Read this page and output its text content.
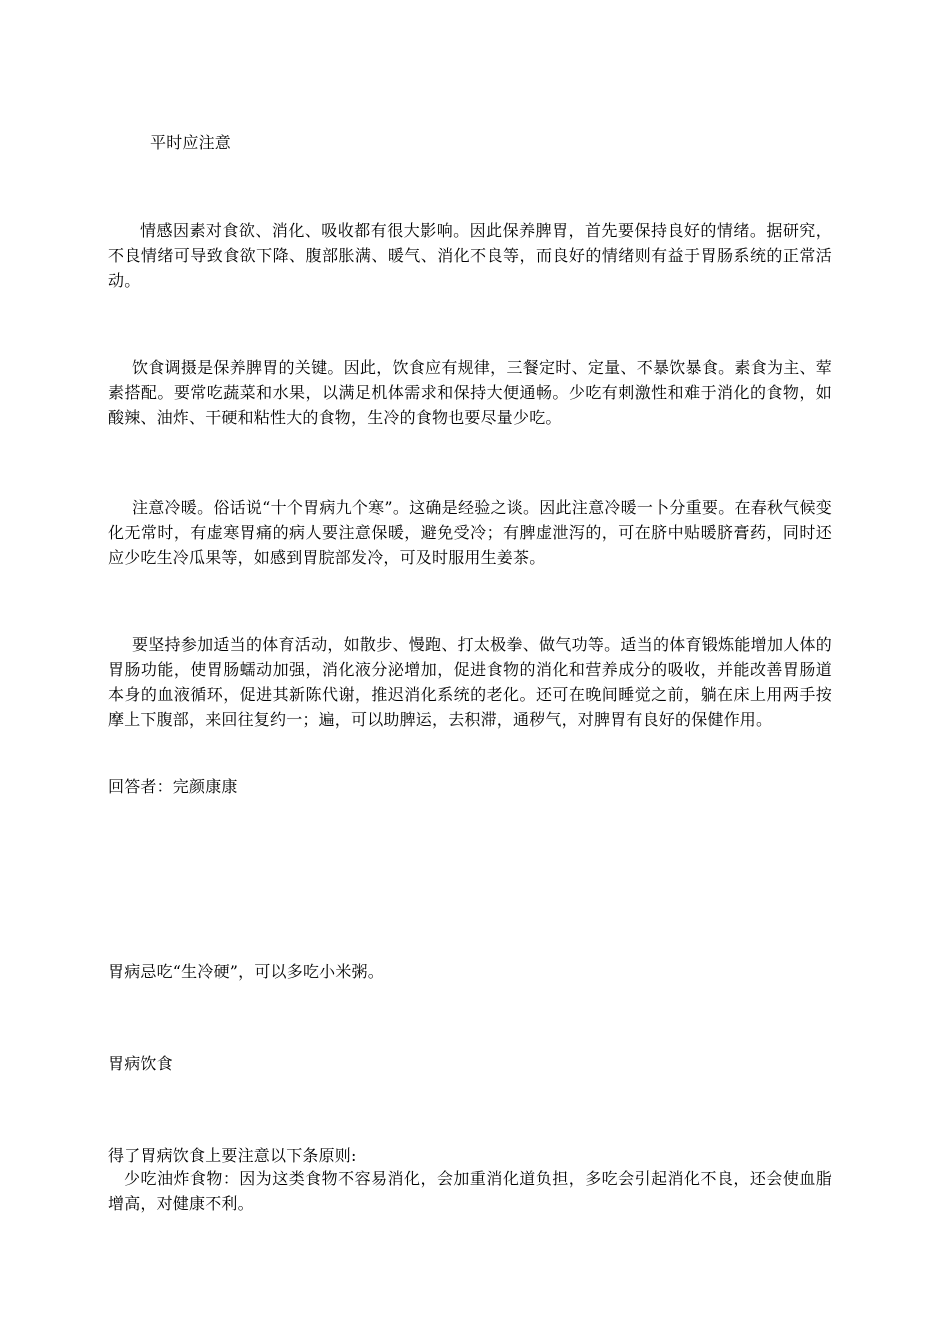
平时应注意

情感因素对食欲、消化、吸收都有很大影响。因此保养脾胃，首先要保持良好的情绪。据研究，不良情绪可导致食欲下降、腹部胀满、暖气、消化不良等，而良好的情绪则有益于胃肠系统的正常活动。

饮食调摄是保养脾胃的关键。因此，饮食应有规律，三餐定时、定量、不暴饮暴食。素食为主、荤素搭配。要常吃蔬菜和水果，以满足机体需求和保持大便通畅。少吃有刺激性和难于消化的食物，如酸辣、油炸、干硬和粘性大的食物，生冷的食物也要尽量少吃。

注意冷暖。俗话说“十个胃病九个寒”。这确是经验之谈。因此注意冷暖一卜分重要。在春秋气候变化无常时，有虚寒胃痛的病人要注意保暖，避免受冷；有脾虚泄泻的，可在脐中贴暖脐膏药，同时还应少吃生冷瓜果等，如感到胃脘部发冷，可及时服用生姜茶。

要坚持参加适当的体育活动，如散步、慢跑、打太极拳、做气功等。适当的体育锻炼能增加人体的胃肠功能，使胃肠蠕动加强，消化液分泌增加，促进食物的消化和营养成分的吸收，并能改善胃肠道本身的血液循环，促进其新陈代谢，推迟消化系统的老化。还可在晚间睡觉之前，躺在床上用两手按摩上下腹部，来回往复约一；遍，可以助脾运，去积滞，通秽气，对脾胃有良好的保健作用。

回答者：完颜康康

胃病忌吃“生冷硬”，可以多吃小米粥。

胃病饮食

得了胃病饮食上要注意以下条原则:

少吃油炸食物：因为这类食物不容易消化，会加重消化道负担，多吃会引起消化不良，还会使血脂增高，对健康不利。
